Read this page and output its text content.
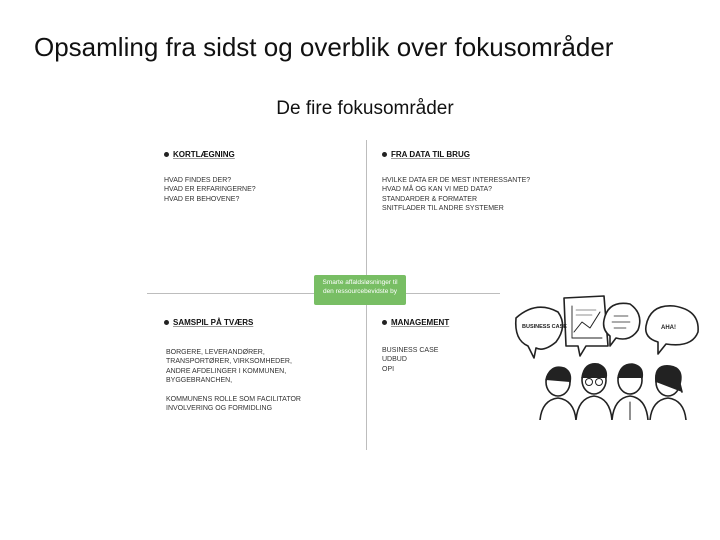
Opsamling fra sidst og overblik over fokusområder
De fire fokusområder
KORTLÆGNING
HVAD FINDES DER?
HVAD ER ERFARINGERNE?
HVAD ER BEHOVENE?
FRA DATA TIL BRUG
HVILKE DATA ER DE MEST INTERESSANTE?
HVAD MÅ OG KAN VI MED DATA?
STANDARDER & FORMATER
SNITFLADER TIL ANDRE SYSTEMER
Smarte affaldsløsninger til
den ressourcebevidste by
SAMSPIL PÅ TVÆRS
BORGERE, LEVERANDØRER,
TRANSPORTØRER, VIRKSOMHEDER,
ANDRE AFDELINGER I KOMMUNEN,
BYGGEBRANCHEN,
KOMMUNENS ROLLE SOM FACILITATOR
INVOLVERING OG FORMIDLING
MANAGEMENT
BUSINESS CASE
UDBUD
OPI
BUSINESS CASE	AHA!
